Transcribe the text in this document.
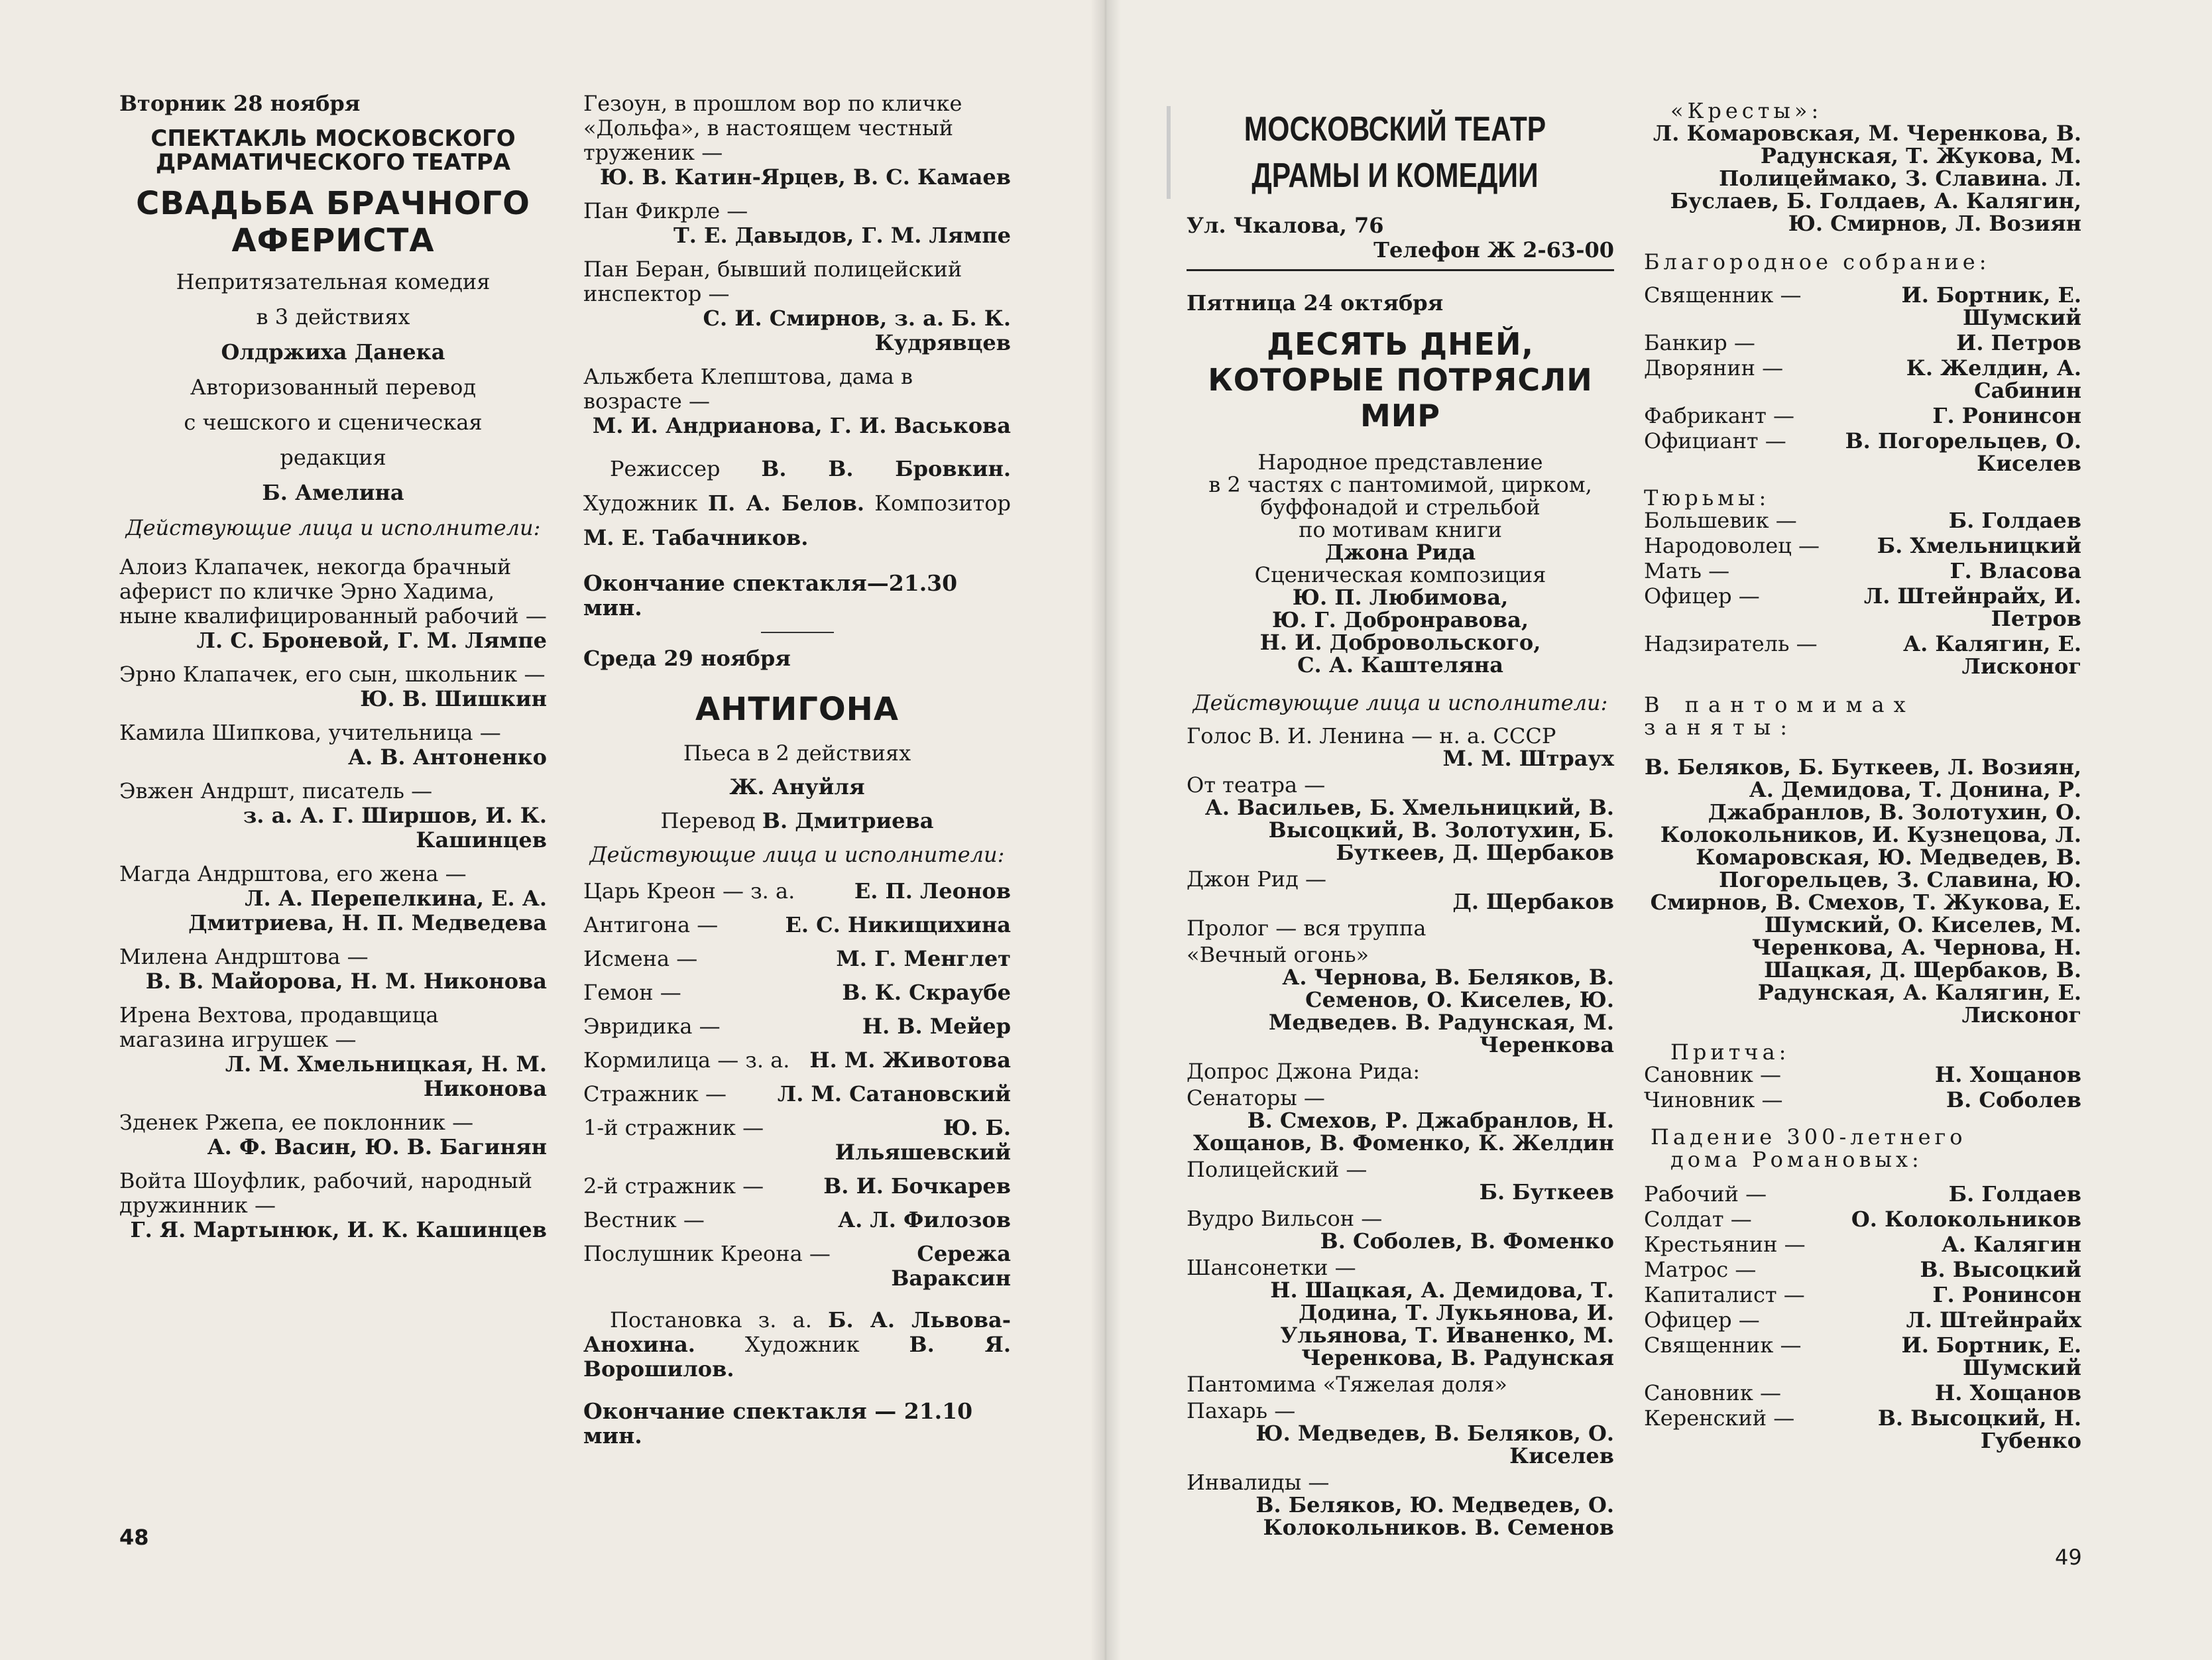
Вторник 28 ноября
СПЕКТАКЛЬ МОСКОВСКОГО ДРАМАТИЧЕСКОГО ТЕАТРА
СВАДЬБА БРАЧНОГО АФЕРИСТА
Непритязательная комедия
в 3 действиях
Олдржиха Данека
Авторизованный перевод
с чешского и сценическая
редакция
Б. Амелина
Действующие лица и исполнители:
Алоиз Клапачек, некогда брачный аферист по кличке Эрно Хадима, ныне квалифицированный рабочий —
Л. С. Броневой, Г. М. Лямпе
Эрно Клапачек, его сын, школьник —
Ю. В. Шишкин
Камила Шипкова, учительница —
А. В. Антоненко
Эвжен Андршт, писатель —
з. а. А. Г. Ширшов, И. К. Кашинцев
Магда Андрштова, его жена —
Л. А. Перепелкина, Е. А. Дмитриева, Н. П. Медведева
Милена Андрштова —
В. В. Майорова, Н. М. Никонова
Ирена Вехтова, продавщица магазина игрушек —
Л. М. Хмельницкая, Н. М. Никонова
Зденек Ржепа, ее поклонник —
А. Ф. Васин, Ю. В. Багинян
Войта Шоуфлик, рабочий, народный дружинник —
Г. Я. Мартынюк, И. К. Кашинцев
48
Гезоун, в прошлом вор по кличке «Дольфа», в настоящем честный труженик —
Ю. В. Катин-Ярцев, В. С. Камаев
Пан Фикрле —
Т. Е. Давыдов, Г. М. Лямпе
Пан Беран, бывший полицейский инспектор —
С. И. Смирнов, з. а. Б. К. Кудрявцев
Альжбета Клепштова, дама в возрасте —
М. И. Андрианова, Г. И. Васькова
Режиссер В. В. Бровкин. Художник П. А. Белов. Композитор М. Е. Табачников.
Окончание спектакля—21.30 мин.
Среда 29 ноября
АНТИГОНА
Пьеса в 2 действиях
Ж. Ануйля
Перевод В. Дмитриева
Действующие лица и исполнители:
Царь Креон — з. а.	Е. П. Леонов
Антигона —	Е. С. Никищихина
Исмена —	М. Г. Менглет
Гемон —	В. К. Скраубе
Эвридика —	Н. В. Мейер
Кормилица — з. а. Н. М. Животова
Стражник —	Л. М. Сатановский
1-й стражник —	Ю. Б. Ильяшевский
2-й стражник —	В. И. Бочкарев
Вестник —	А. Л. Филозов
Послушник Креона —	Сережа Вараксин
Постановка з. а. Б. А. Львова-Анохина. Художник В. Я. Ворошилов.
Окончание спектакля — 21.10 мин.
МОСКОВСКИЙ ТЕАТР
ДРАМЫ И КОМЕДИИ
Ул. Чкалова, 76
Телефон Ж 2-63-00
Пятница 24 октября
ДЕСЯТЬ ДНЕЙ, КОТОРЫЕ ПОТРЯСЛИ МИР
Народное представление
в 2 частях с пантомимой, цирком,
буффонадой и стрельбой
по мотивам книги
Джона Рида
Сценическая композиция
Ю. П. Любимова,
Ю. Г. Добронравова,
Н. И. Добровольского,
С. А. Каштеляна
Действующие лица и исполнители:
Голос В. И. Ленина — н. а. СССР
М. М. Штраух
От театра —
А. Васильев, Б. Хмельницкий, В. Высоцкий, В. Золотухин, Б. Буткеев, Д. Щербаков
Джон Рид —
Д. Щербаков
Пролог — вся труппа
«Вечный огонь»
А. Чернова, В. Беляков, В. Семенов, О. Киселев, Ю. Медведев. В. Радунская, М. Черенкова
Допрос Джона Рида:
Сенаторы —
В. Смехов, Р. Джабранлов, Н. Хощанов, В. Фоменко, К. Желдин
Полицейский —
Б. Буткеев
Вудро Вильсон —
В. Соболев, В. Фоменко
Шансонетки —
Н. Шацкая, А. Демидова, Т. Додина, Т. Лукьянова, И. Ульянова, Т. Иваненко, М. Черенкова, В. Радунская
Пантомима «Тяжелая доля»
Пахарь —
Ю. Медведев, В. Беляков, О. Киселев
Инвалиды —
В. Беляков, Ю. Медведев, О. Колокольников. В. Семенов
«Кресты»:
Л. Комаровская, М. Черенкова, В. Радунская, Т. Жукова, М. Полицеймако, З. Славина. Л. Буслаев, Б. Голдаев, А. Калягин, Ю. Смирнов, Л. Возиян
Благородное собрание:
Священник —	И. Бортник, Е. Шумский
Банкир —	И. Петров
Дворянин —	К. Желдин, А. Сабинин
Фабрикант —	Г. Ронинсон
Официант —	В. Погорельцев, О. Киселев
Тюрьмы:
Большевик —	Б. Голдаев
Народоволец —	Б. Хмельницкий
Мать —	Г. Власова
Офицер —	Л. Штейнрайх, И. Петров
Надзиратель —	А. Калягин, Е. Лисконог
В пантомимах заняты:
В. Беляков, Б. Буткеев, Л. Возиян, А. Демидова, Т. Донина, Р. Джабранлов, В. Золотухин, О. Колокольников, И. Кузнецова, Л. Комаровская, Ю. Медведев, В. Погорельцев, З. Славина, Ю. Смирнов, В. Смехов, Т. Жукова, Е. Шумский, О. Киселев, М. Черенкова, А. Чернова, Н. Шацкая, Д. Щербаков, В. Радунская, А. Калягин, Е. Лисконог
Притча:
Сановник —	Н. Хощанов
Чиновник —	В. Соболев
Падение 300-летнего
дома Романовых:
Рабочий —	Б. Голдаев
Солдат —	О. Колокольников
Крестьянин —	А. Калягин
Матрос —	В. Высоцкий
Капиталист —	Г. Ронинсон
Офицер —	Л. Штейнрайх
Священник —	И. Бортник, Е. Шумский
Сановник —	Н. Хощанов
Керенский —	В. Высоцкий, Н. Губенко
49
